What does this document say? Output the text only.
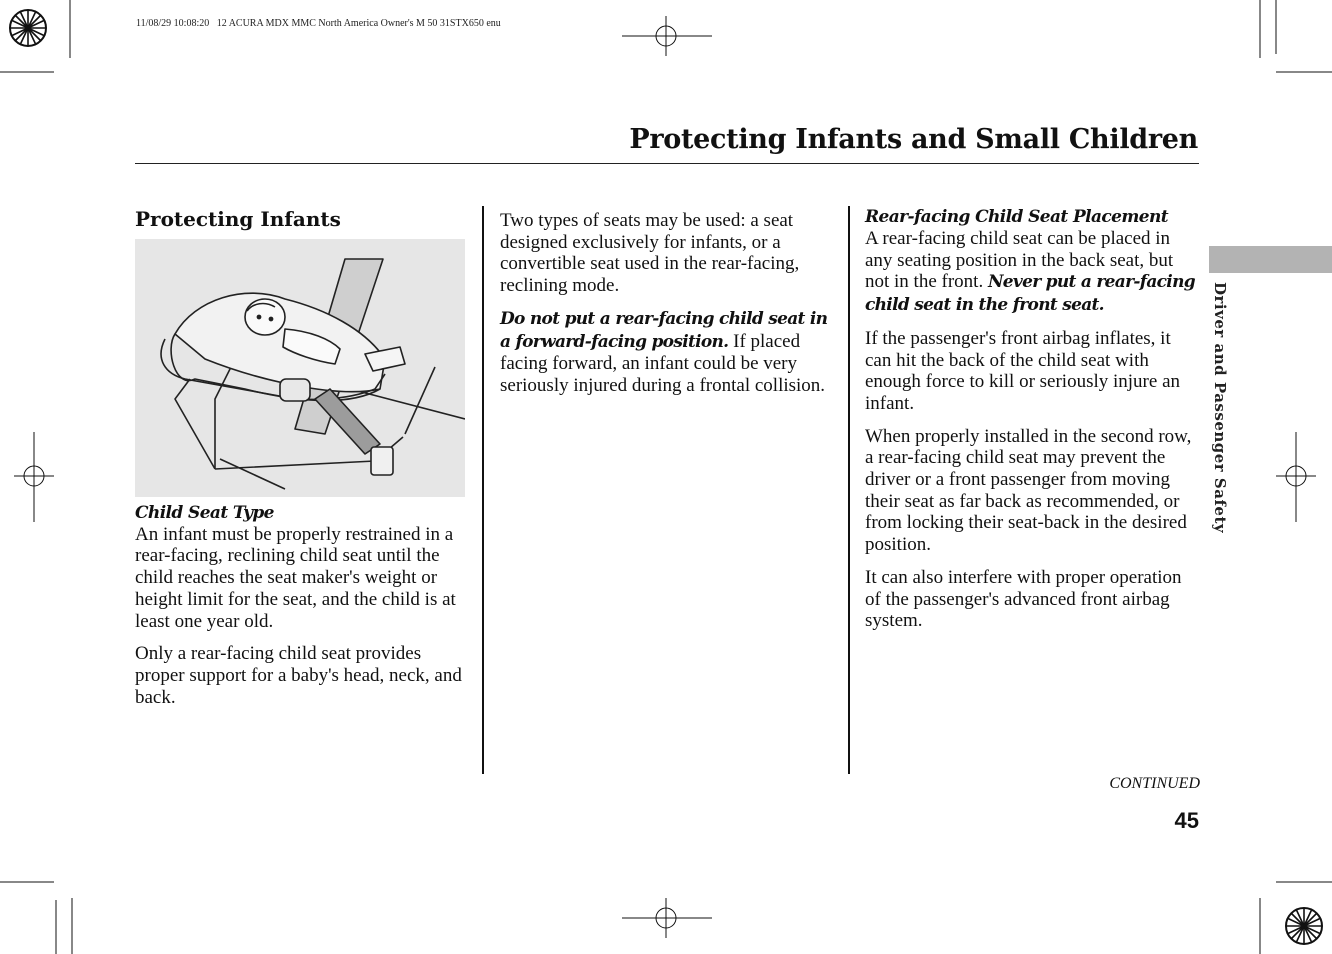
11/08/29 10:08:20   12 ACURA MDX MMC North America Owner's M 50 31STX650 enu
Protecting Infants and Small Children
Driver and Passenger Safety
Protecting Infants
Child Seat Type

An infant must be properly restrained in a rear-facing, reclining child seat until the child reaches the seat maker's weight or height limit for the seat, and the child is at least one year old.

Only a rear-facing child seat provides proper support for a baby's head, neck, and back.

Two types of seats may be used: a seat designed exclusively for infants, or a convertible seat used in the rear-facing, reclining mode.

Do not put a rear-facing child seat in a forward-facing position. If placed facing forward, an infant could be very seriously injured during a frontal collision.

Rear-facing Child Seat Placement

A rear-facing child seat can be placed in any seating position in the back seat, but not in the front. Never put a rear-facing child seat in the front seat.

If the passenger's front airbag inflates, it can hit the back of the child seat with enough force to kill or seriously injure an infant.

When properly installed in the second row, a rear-facing child seat may prevent the driver or a front passenger from moving their seat as far back as recommended, or from locking their seat-back in the desired position.

It can also interfere with proper operation of the passenger's advanced front airbag system.

CONTINUED
45
